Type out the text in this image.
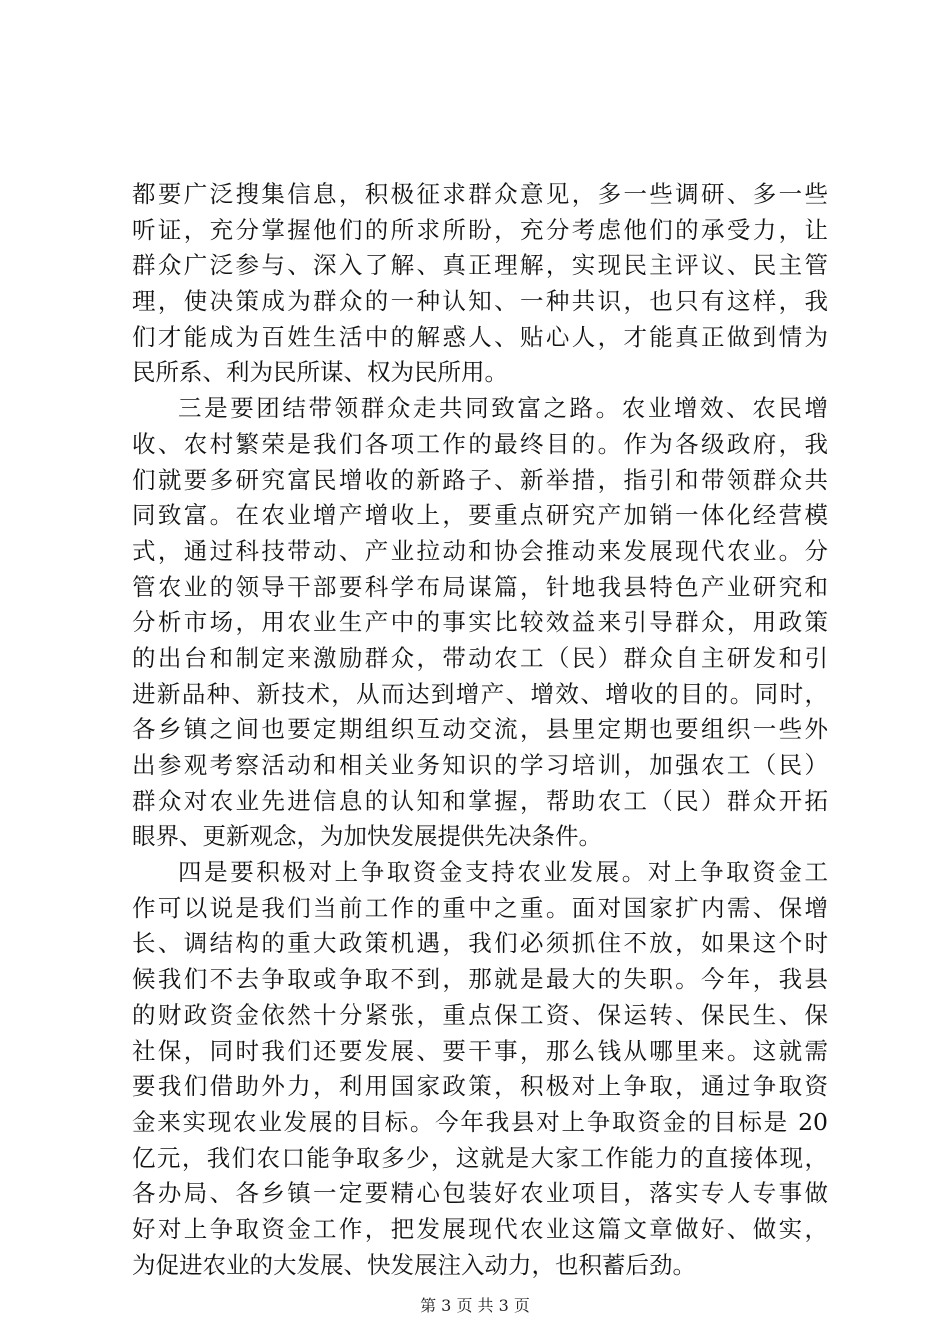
都要广泛搜集信息，积极征求群众意见，多一些调研、多一些
听证，充分掌握他们的所求所盼，充分考虑他们的承受力，让
群众广泛参与、深入了解、真正理解，实现民主评议、民主管
理，使决策成为群众的一种认知、一种共识，也只有这样，我
们才能成为百姓生活中的解惑人、贴心人，才能真正做到情为
民所系、利为民所谋、权为民所用。
三是要团结带领群众走共同致富之路。农业增效、农民增
收、农村繁荣是我们各项工作的最终目的。作为各级政府，我
们就要多研究富民增收的新路子、新举措，指引和带领群众共
同致富。在农业增产增收上，要重点研究产加销一体化经营模
式，通过科技带动、产业拉动和协会推动来发展现代农业。分
管农业的领导干部要科学布局谋篇，针地我县特色产业研究和
分析市场，用农业生产中的事实比较效益来引导群众，用政策
的出台和制定来激励群众，带动农工（民）群众自主研发和引
进新品种、新技术，从而达到增产、增效、增收的目的。同时，
各乡镇之间也要定期组织互动交流，县里定期也要组织一些外
出参观考察活动和相关业务知识的学习培训，加强农工（民）
群众对农业先进信息的认知和掌握，帮助农工（民）群众开拓
眼界、更新观念，为加快发展提供先决条件。
四是要积极对上争取资金支持农业发展。对上争取资金工
作可以说是我们当前工作的重中之重。面对国家扩内需、保增
长、调结构的重大政策机遇，我们必须抓住不放，如果这个时
候我们不去争取或争取不到，那就是最大的失职。今年，我县
的财政资金依然十分紧张，重点保工资、保运转、保民生、保
社保，同时我们还要发展、要干事，那么钱从哪里来。这就需
要我们借助外力，利用国家政策，积极对上争取，通过争取资
金来实现农业发展的目标。今年我县对上争取资金的目标是 20
亿元，我们农口能争取多少，这就是大家工作能力的直接体现，
各办局、各乡镇一定要精心包装好农业项目，落实专人专事做
好对上争取资金工作，把发展现代农业这篇文章做好、做实，
为促进农业的大发展、快发展注入动力，也积蓄后劲。
第 3 页 共 3 页
